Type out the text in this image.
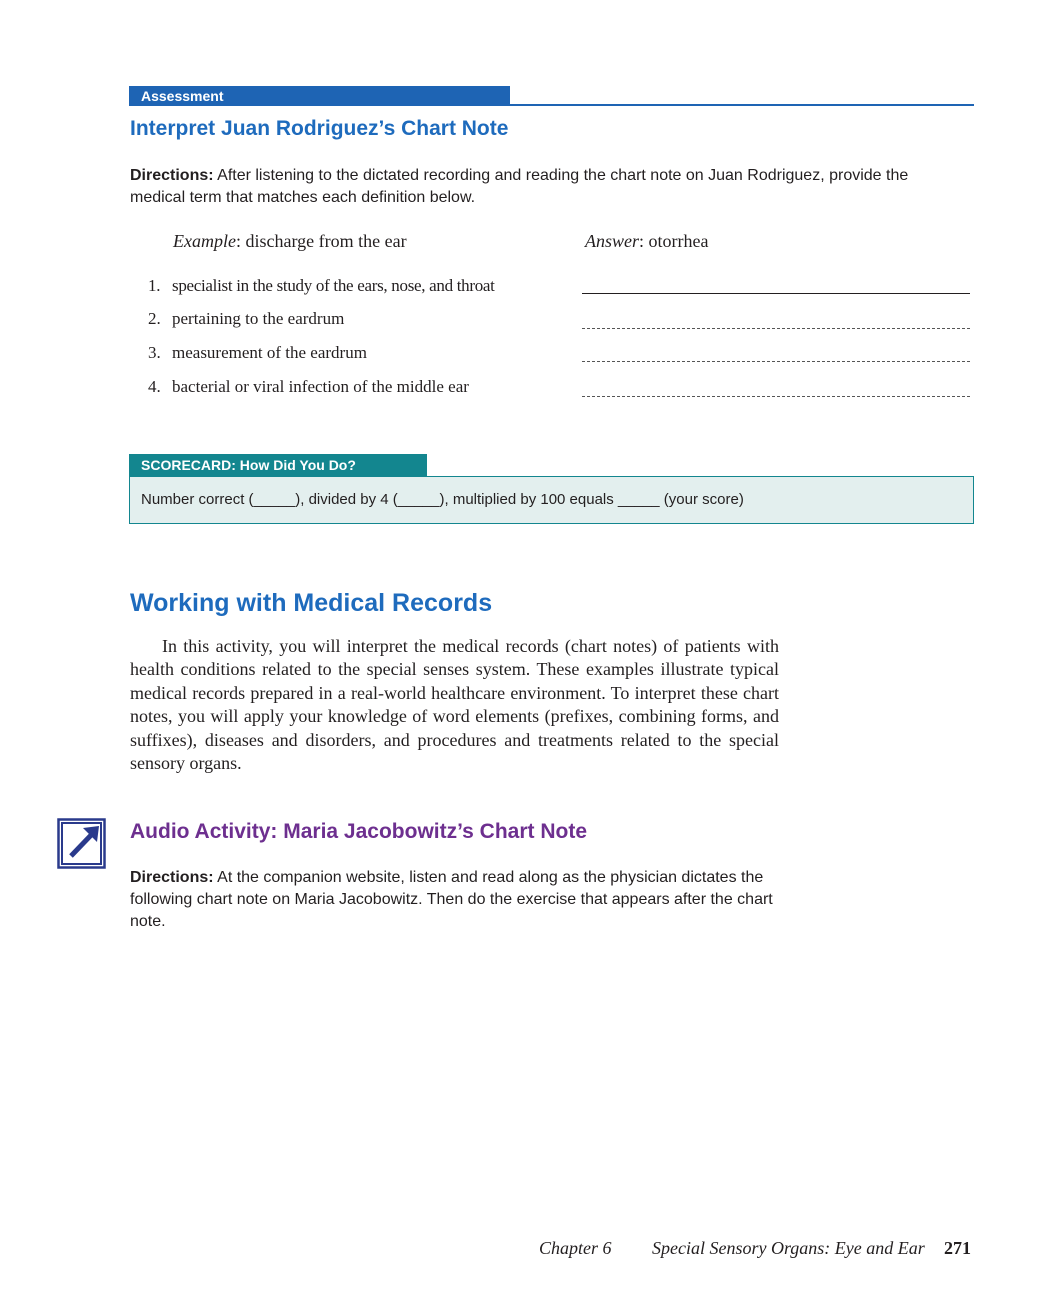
Assessment
Interpret Juan Rodriguez’s Chart Note
Directions: After listening to the dictated recording and reading the chart note on Juan Rodriguez, provide the medical term that matches each definition below.
Example: discharge from the ear	Answer: otorrhea
1. specialist in the study of the ears, nose, and throat
2. pertaining to the eardrum
3. measurement of the eardrum
4. bacterial or viral infection of the middle ear
SCORECARD: How Did You Do?
Number correct (_____), divided by 4 (_____), multiplied by 100 equals _____ (your score)
Working with Medical Records
In this activity, you will interpret the medical records (chart notes) of patients with health conditions related to the special senses system. These examples illustrate typical medical records prepared in a real-world healthcare environment. To interpret these chart notes, you will apply your knowledge of word elements (prefixes, combining forms, and suffixes), diseases and disorders, and procedures and treatments related to the special sensory organs.
Audio Activity: Maria Jacobowitz’s Chart Note
Directions: At the companion website, listen and read along as the physician dictates the following chart note on Maria Jacobowitz. Then do the exercise that appears after the chart note.
Chapter 6 Special Sensory Organs: Eye and Ear 271
